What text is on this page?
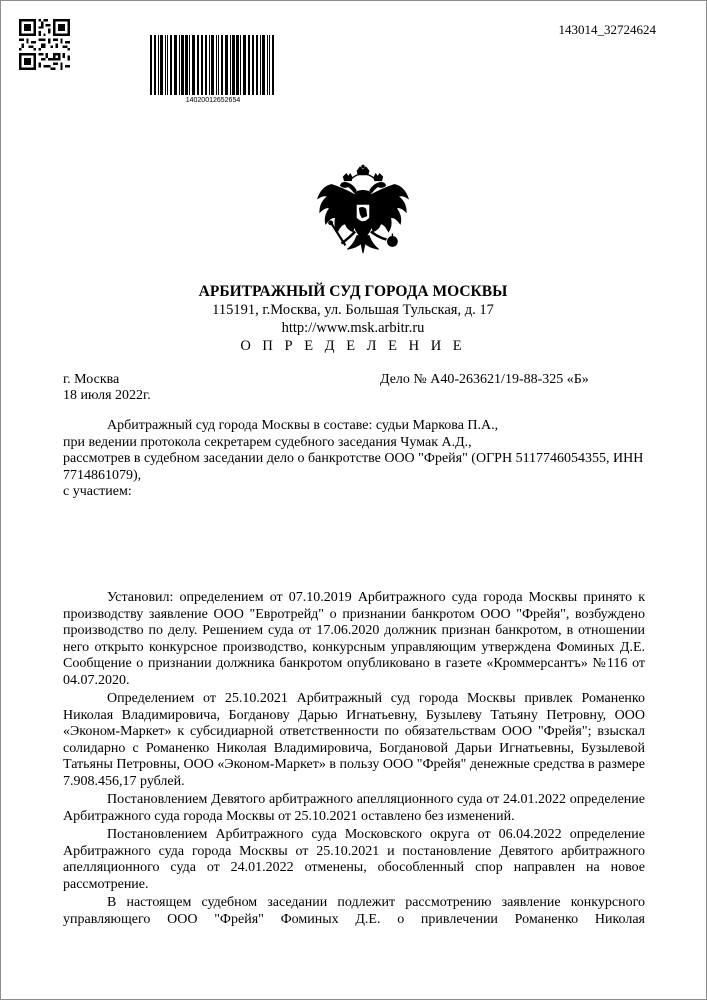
14020012652654
143014_32724624
АРБИТРАЖНЫЙ СУД ГОРОДА МОСКВЫ
115191, г.Москва, ул. Большая Тульская, д. 17
http://www.msk.arbitr.ru
О П Р Е Д Е Л Е Н И Е
г. Москва
18 июля 2022г.
Дело № А40-263621/19-88-325 «Б»

Арбитражный суд города Москвы в составе: судьи Маркова П.А.,

при ведении протокола секретарем судебного заседания Чумак А.Д.,

рассмотрев в судебном заседании дело о банкротстве ООО "Фрейя" (ОГРН 5117746054355, ИНН 7714861079),

с участием:

Установил: определением от 07.10.2019 Арбитражного суда города Москвы принято к производству заявление ООО "Евротрейд" о признании банкротом ООО "Фрейя", возбуждено производство по делу. Решением суда от 17.06.2020 должник признан банкротом, в отношении него открыто конкурсное производство, конкурсным управляющим утверждена Фоминых Д.Е. Сообщение о признании должника банкротом опубликовано в газете «Кроммерсантъ» №116 от 04.07.2020.

Определением от 25.10.2021 Арбитражный суд города Москвы привлек Романенко Николая Владимировича, Богданову Дарью Игнатьевну, Бузылеву Татьяну Петровну, ООО «Эконом-Маркет» к субсидиарной ответственности по обязательствам ООО "Фрейя"; взыскал солидарно с Романенко Николая Владимировича, Богдановой Дарьи Игнатьевны, Бузылевой Татьяны Петровны, ООО «Эконом-Маркет» в пользу ООО "Фрейя" денежные средства в размере 7.908.456,17 рублей.

Постановлением Девятого арбитражного апелляционного суда от 24.01.2022 определение Арбитражного суда города Москвы от 25.10.2021 оставлено без изменений.

Постановлением Арбитражного суда Московского округа от 06.04.2022 определение Арбитражного суда города Москвы от 25.10.2021 и постановление Девятого арбитражного апелляционного суда от 24.01.2022 отменены, обособленный спор направлен на новое рассмотрение.

В настоящем судебном заседании подлежит рассмотрению заявление конкурсного управляющего ООО "Фрейя" Фоминых Д.Е. о привлечении Романенко Николая
